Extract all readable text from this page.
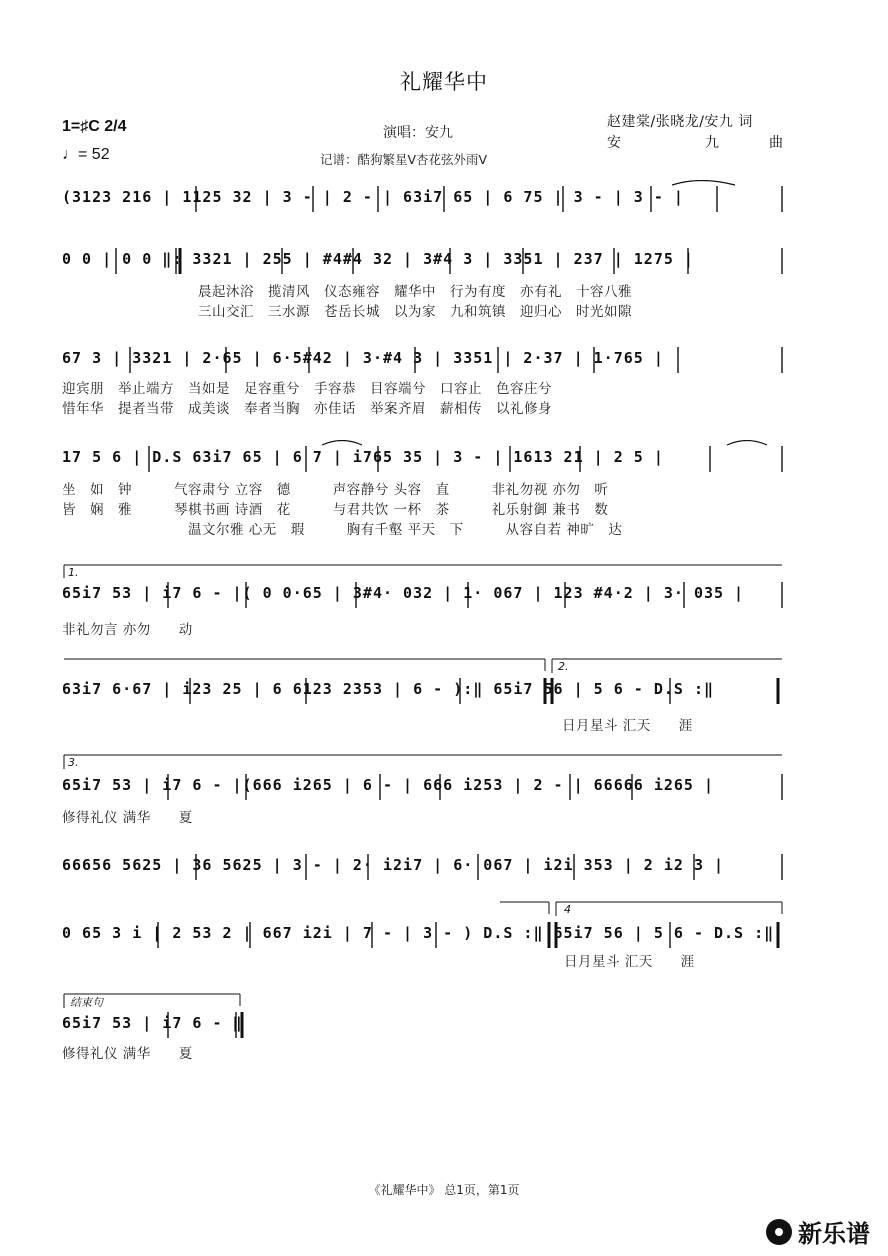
礼耀华中
1=♯C 2/4
♩= 52
演唱：安九
记谱：酷狗繁星V杏花弦外雨V
赵建棠/张晓龙/安九 词
安　　　　　　九	曲
(3123 216 | 1125 32 | 3 - | 2 - | 63i7 65 | 6 75 | 3 - | 3 - |
0 0 | 0 0 ‖: 3321 | 255 | #4#4 32 | 3#4 3 | 3351 | 237 | 1275 |
晨起沐浴　揽清风　仪态雍容　耀华中　行为有度　亦有礼　十容八雅
三山交汇　三水源　苍岳长城　以为家　九和筑镇　迎归心　时光如隙
67 3 | 3321 | 2·65 | 6·5#42 | 3·#4 3 | 3351 | 2·37 | 1·765 |
迎宾朋　举止端方　当如是　足容重兮　手容恭　目容端兮　口容止　色容庄兮
惜年华　提者当带　成美谈　奉者当胸　亦佳话　举案齐眉　薪相传　以礼修身
17 5 6 | D.S 63i7 65 | 6 7 | i765 35 | 3 - | 1613 21 | 2 5 |
坐　如　钟　　　气容肃兮 立容　德　　　声容静兮 头容　直　　　非礼勿视 亦勿　听
皆　娴　雅　　　琴棋书画 诗酒　花　　　与君共饮 一杯　茶　　　礼乐射御 兼书　数
温文尔雅 心无　瑕　　　胸有千壑 平天　下　　　从容自若 神旷　达
1.
65i7 53 | i7 6 - |( 0 0·65 | 3#4· 032 | 1· 067 | 123 #4·2 | 3· 035 |
非礼勿言 亦勿　　动
2.
63i7 6·67 | i23 25 | 6 6123 2353 | 6 - ):‖ 65i7 56 | 5 6 - D.S :‖
日月星斗 汇天　　涯
3.
65i7 53 | i7 6 - |(666 i265 | 6 - | 666 i253 | 2 - | 66666 i265 |
修得礼仪 满华　　夏
66656 5625 | 36 5625 | 3 - | 2· i2i7 | 6· 067 | i2i 353 | 2 i2 3 |
4
0 65 3 i | 2 53 2 | 667 i2i | 7 - | 3 - ) D.S :‖ 65i7 56 | 5 6 - D.S :‖
日月星斗 汇天　　涯
结束句
65i7 53 | i7 6 - ‖
修得礼仪 满华　　夏
《礼耀华中》 总1页，第1页
新乐谱
